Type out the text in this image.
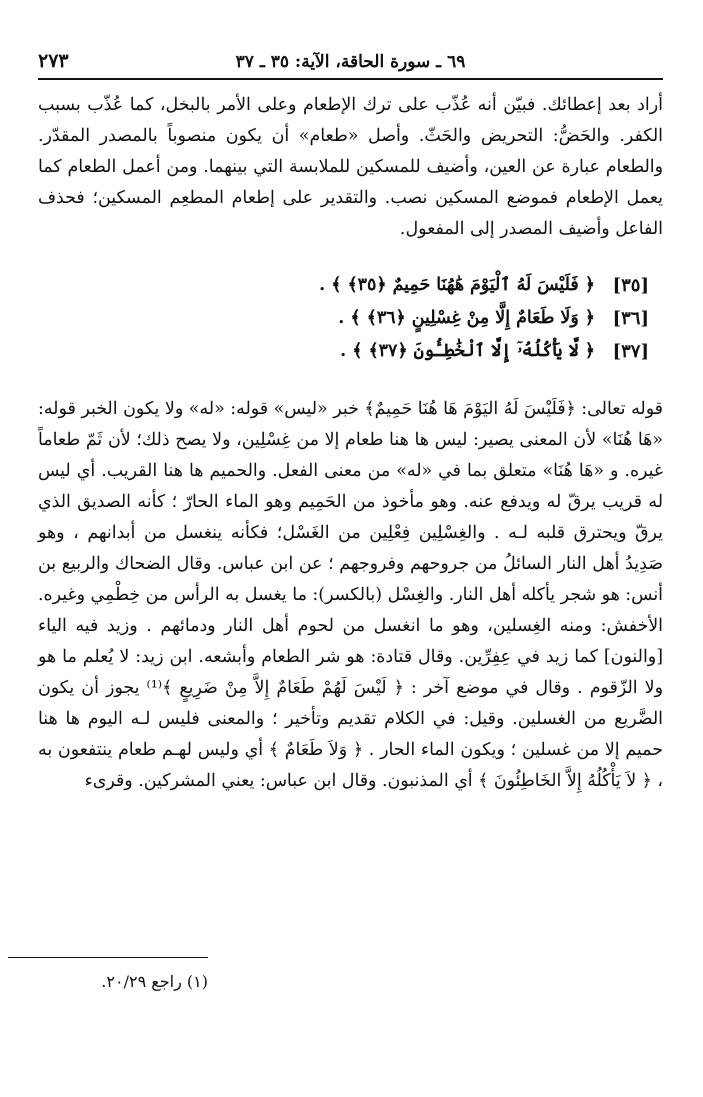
٦٩ ـ سورة الحاقة، الآية: ٣٥ ـ ٣٧
٢٧٣

أراد بعد إعطائك. فبيّن أنه عُذّب على ترك الإطعام وعلى الأمر بالبخل، كما عُذّب بسبب الكفر. والحَضُّ: التحريض والحَثّ. وأصل «طعام» أن يكون منصوباً بالمصدر المقدّر. والطعام عبارة عن العين، وأضيف للمسكين للملابسة التي بينهما. ومن أعمل الطعام كما يعمل الإطعام فموضع المسكين نصب. والتقدير على إطعام المطعِم المسكين؛ فحذف الفاعل وأضيف المصدر إلى المفعول.

[٣٥]
﴿ فَلَيْسَ لَهُ ٱلْيَوْمَ هَٰهُنَا حَمِيمٌ ﴿٣٥﴾ ﴾ .
[٣٦]
﴿ وَلَا طَعَامٌ إِلَّا مِنْ غِسْلِينٍ ﴿٣٦﴾ ﴾ .
[٣٧]
﴿ لَّا يَأْكُلُهُۥٓ إِلَّا ٱلْخَٰطِـُٔونَ ﴿٣٧﴾ ﴾ .

قوله تعالى: ﴿فَلَيْسَ لَهُ اليَوْمَ هَا هُنَا حَمِيمٌ﴾ خبر «ليس» قوله: «له» ولا يكون الخبر قوله: «هَا هُنَا» لأن المعنى يصير: ليس ها هنا طعام إلا من غِسْلِين، ولا يصح ذلك؛ لأن ثَمّ طعاماً غيره. و «هَا هُنَا» متعلق بما في «له» من معنى الفعل. والحميم ها هنا القريب. أي ليس له قريب يرقّ له ويدفع عنه. وهو مأخوذ من الحَمِيم وهو الماء الحارّ ؛ كأنه الصديق الذي يرقّ ويحترق قلبه لـه . والغِسْلِين فِعْلِين من الغَسْل؛ فكأنه ينغسل من أبدانهم ، وهو صَدِيدُ أهل النار السائلُ من جروحهم وفروجهم ؛ عن ابن عباس. وقال الضحاك والربيع بن أنس: هو شجر يأكله أهل النار. والغِسْل (بالكسر): ما يغسل به الرأس من خِطْمِي وغيره. الأخفش: ومنه الغِسلين، وهو ما انغسل من لحوم أهل النار ودمائهم . وزيد فيه الياء [والنون] كما زيد في عِفِرِّين. وقال قتادة: هو شر الطعام وأبشعه. ابن زيد: لا يُعلم ما هو ولا الزّقوم . وقال في موضع آخر : ﴿ لَيْسَ لَهُمْ طَعَامٌ إِلاَّ مِنْ ضَرِيعٍ ﴾⁽¹⁾ يجوز أن يكون الضَّريع من الغسلين. وقيل: في الكلام تقديم وتأخير ؛ والمعنى فليس لـه اليوم ها هنا حميم إلا من غسلين ؛ ويكون الماء الحار . ﴿ وَلاَ طَعَامٌ ﴾ أي وليس لهـم طعام ينتفعون به ، ﴿ لاَ يَأْكُلُهُ إِلاَّ الخَاطِئُونَ ﴾ أي المذنبون. وقال ابن عباس: يعني المشركين. وقرىء

(١) راجع ٢٠/٢٩.
